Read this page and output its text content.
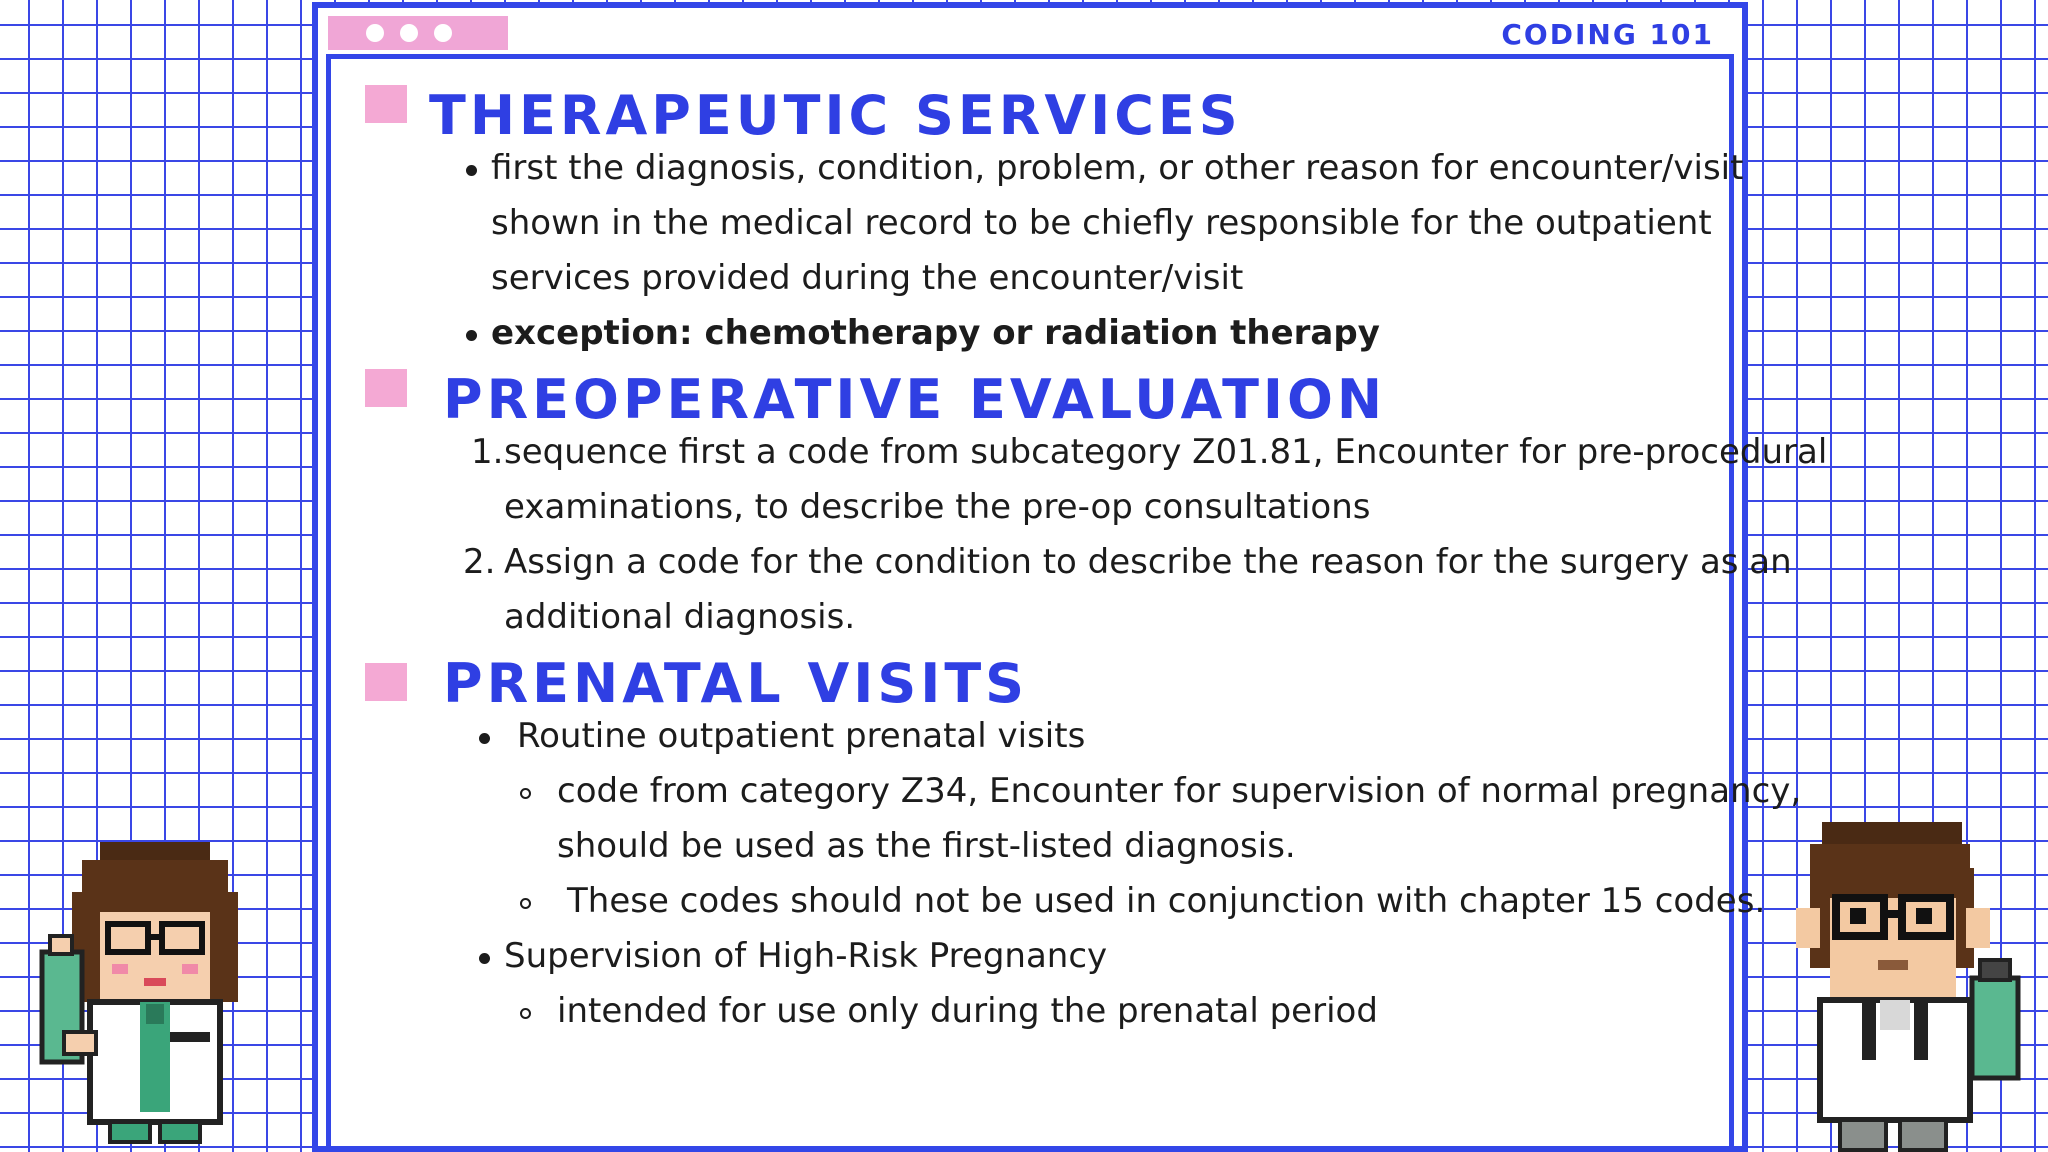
CODING 101
THERAPEUTIC SERVICES
first the diagnosis, condition, problem, or other reason for encounter/visit
shown in the medical record to be chiefly responsible for the outpatient
services provided during the encounter/visit
exception: chemotherapy or radiation therapy
PREOPERATIVE EVALUATION
1. sequence first a code from subcategory Z01.81, Encounter for pre-procedural
examinations, to describe the pre-op consultations
2. Assign a code for the condition to describe the reason for the surgery as an
additional diagnosis.
PRENATAL VISITS
Routine outpatient prenatal visits
code from category Z34, Encounter for supervision of normal pregnancy,
should be used as the first-listed diagnosis.
These codes should not be used in conjunction with chapter 15 codes.
Supervision of High-Risk Pregnancy
intended for use only during the prenatal period
